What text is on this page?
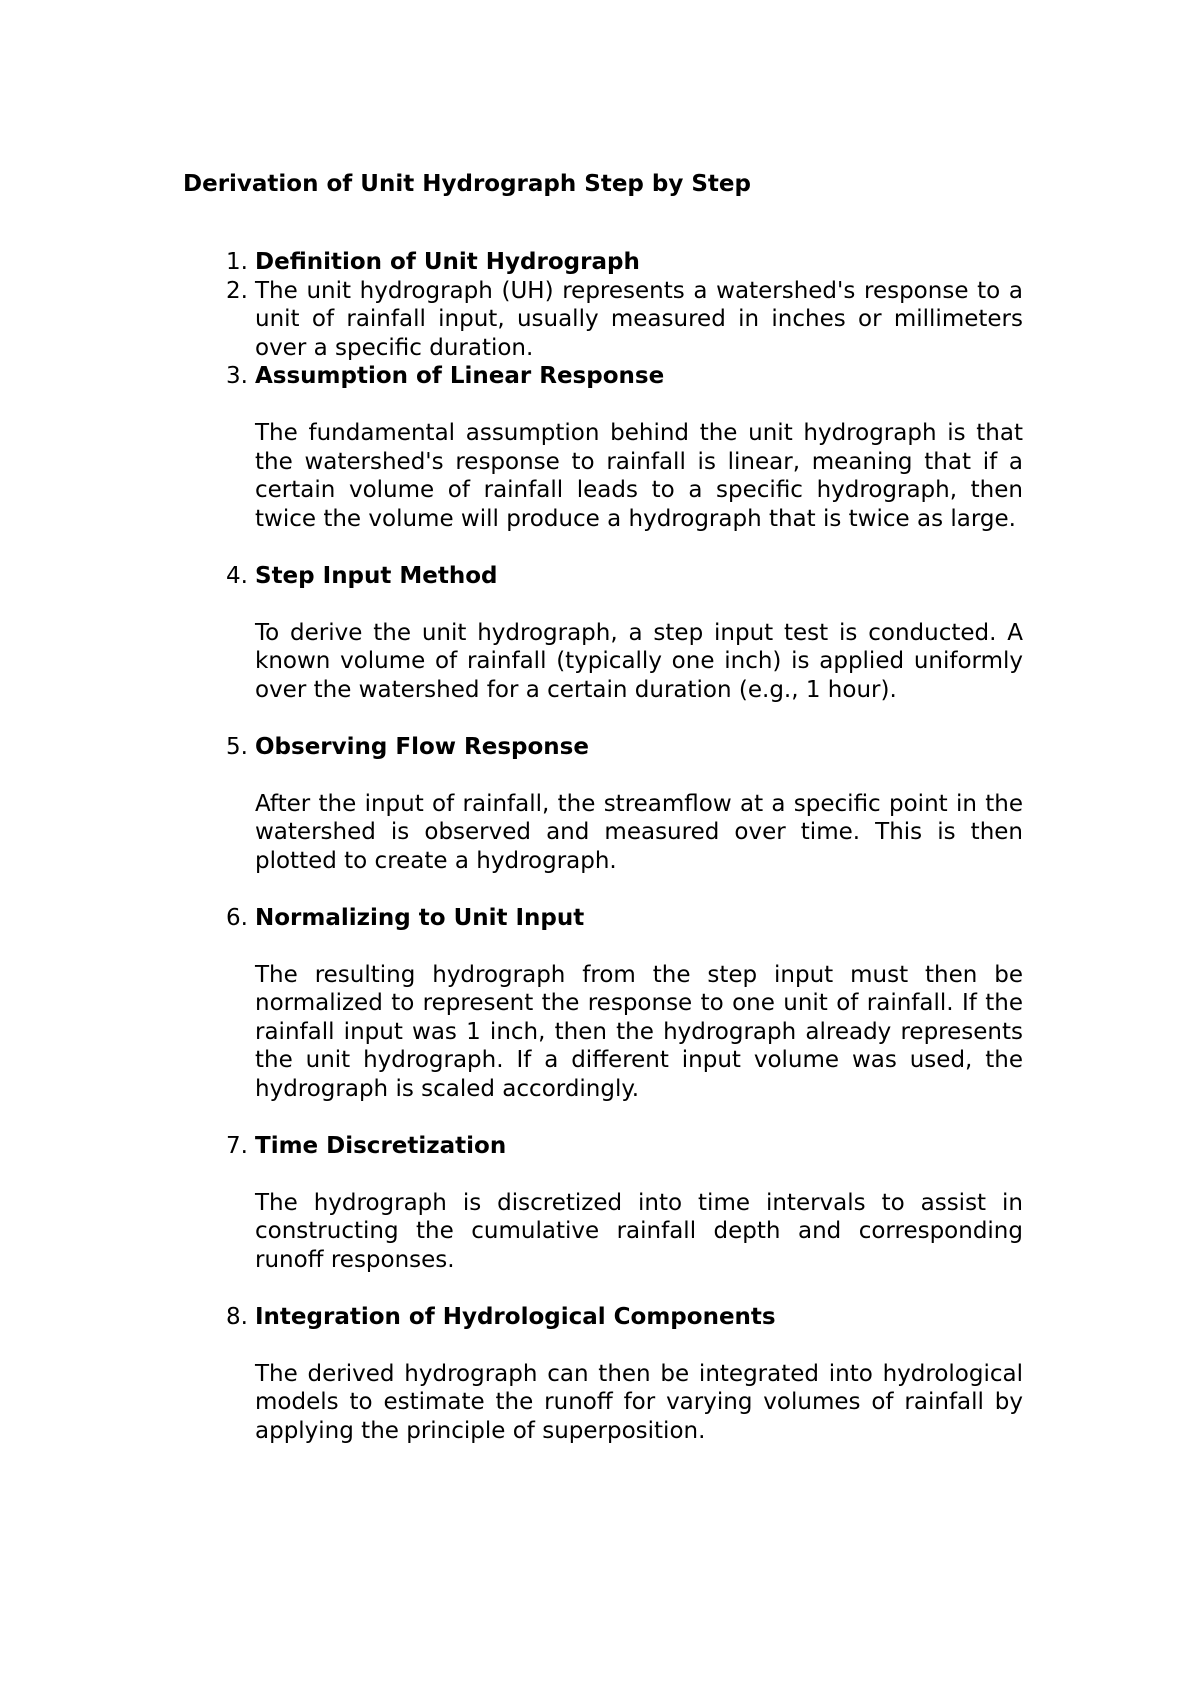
Derivation of Unit Hydrograph Step by Step
1. Definition of Unit Hydrograph
2. The unit hydrograph (UH) represents a watershed's response to a unit of rainfall input, usually measured in inches or millimeters over a specific duration.
3. Assumption of Linear Response
The fundamental assumption behind the unit hydrograph is that the watershed's response to rainfall is linear, meaning that if a certain volume of rainfall leads to a specific hydrograph, then twice the volume will produce a hydrograph that is twice as large.
4. Step Input Method
To derive the unit hydrograph, a step input test is conducted. A known volume of rainfall (typically one inch) is applied uniformly over the watershed for a certain duration (e.g., 1 hour).
5. Observing Flow Response
After the input of rainfall, the streamflow at a specific point in the watershed is observed and measured over time. This is then plotted to create a hydrograph.
6. Normalizing to Unit Input
The resulting hydrograph from the step input must then be normalized to represent the response to one unit of rainfall. If the rainfall input was 1 inch, then the hydrograph already represents the unit hydrograph. If a different input volume was used, the hydrograph is scaled accordingly.
7. Time Discretization
The hydrograph is discretized into time intervals to assist in constructing the cumulative rainfall depth and corresponding runoff responses.
8. Integration of Hydrological Components
The derived hydrograph can then be integrated into hydrological models to estimate the runoff for varying volumes of rainfall by applying the principle of superposition.
